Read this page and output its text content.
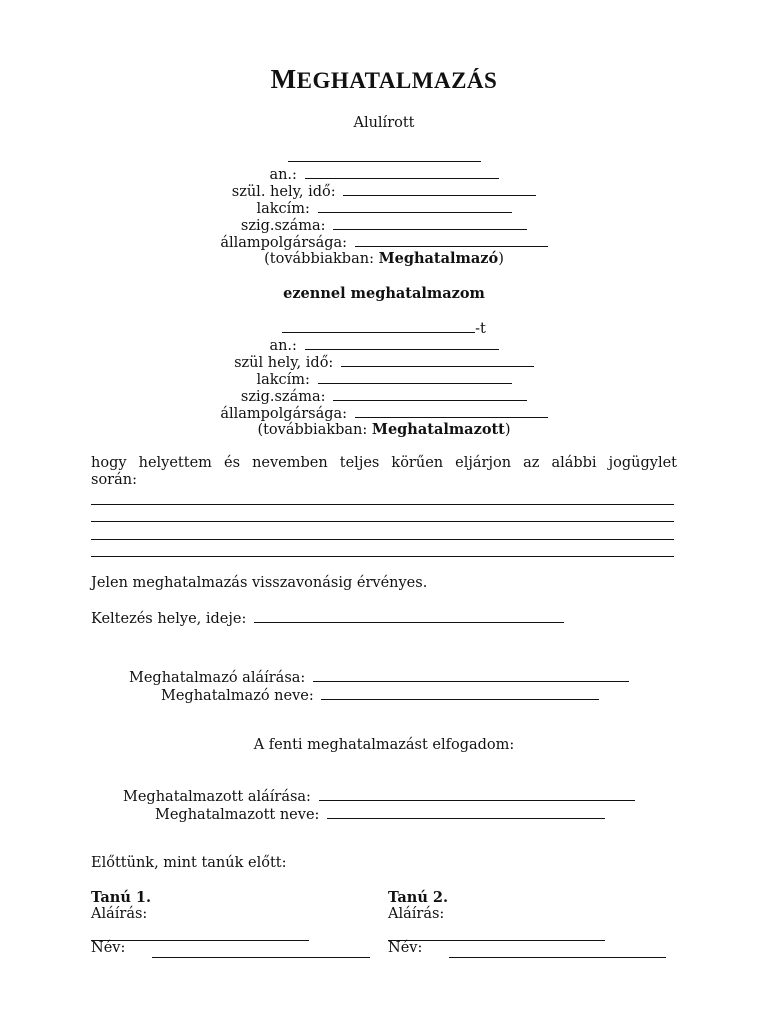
MEGHATALMAZÁS
Alulírott
an.:
szül. hely, idő:
lakcím:
szig.száma:
állampolgársága:
(továbbiakban: Meghatalmazó)
ezennel meghatalmazom
-t
an.:
szül hely, idő:
lakcím:
szig.száma:
állampolgársága:
(továbbiakban: Meghatalmazott)
hogy helyettem és nevemben teljes körűen eljárjon az alábbi jogügylet
során:
Jelen meghatalmazás visszavonásig érvényes.
Keltezés helye, ideje:
Meghatalmazó aláírása:
Meghatalmazó neve:
A fenti meghatalmazást elfogadom:
Meghatalmazott aláírása:
Meghatalmazott neve:
Előttünk, mint tanúk előtt:
Tanú 1.
Aláírás:
Név:
Tanú 2.
Aláírás:
Név:
